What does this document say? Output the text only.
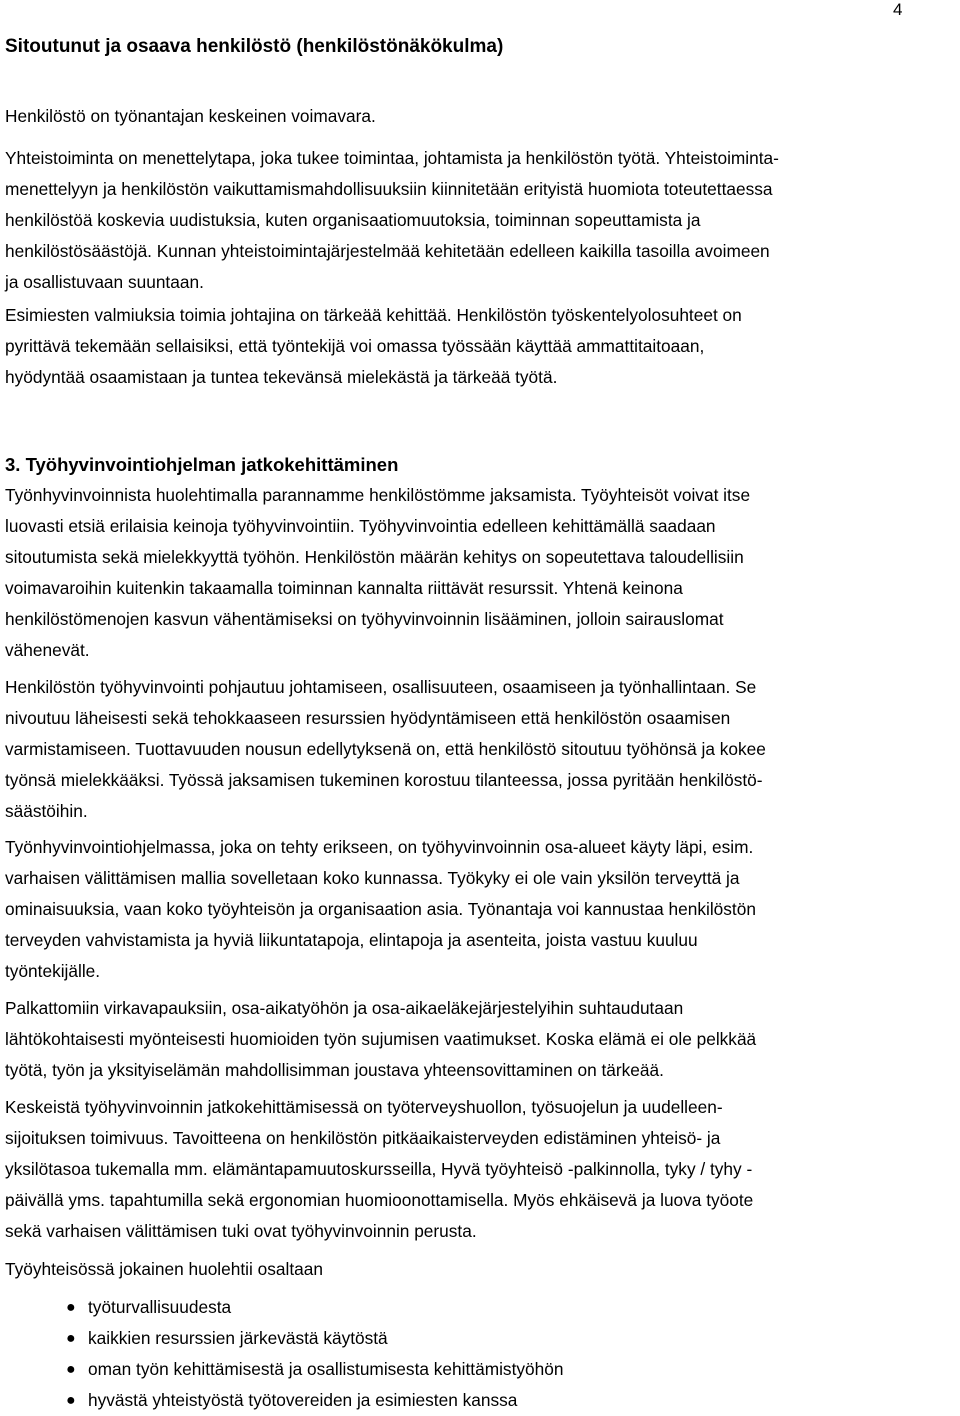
4
Sitoutunut ja osaava henkilöstö (henkilöstönäkökulma)

Henkilöstö on työnantajan keskeinen voimavara.

Yhteistoiminta on menettelytapa, joka tukee toimintaa, johtamista ja henkilöstön työtä. Yhteistoiminta-
menettelyyn ja henkilöstön vaikuttamismahdollisuuksiin kiinnitetään erityistä huomiota toteutettaessa
henkilöstöä koskevia uudistuksia, kuten organisaatiomuutoksia, toiminnan sopeuttamista ja
henkilöstösäästöjä. Kunnan yhteistoimintajärjestelmää kehitetään edelleen kaikilla tasoilla avoimeen
ja osallistuvaan suuntaan.

Esimiesten valmiuksia toimia johtajina on tärkeää kehittää. Henkilöstön työskentelyolosuhteet on
pyrittävä tekemään sellaisiksi, että työntekijä voi omassa työssään käyttää ammattitaitoaan,
hyödyntää osaamistaan ja tuntea tekevänsä mielekästä ja tärkeää työtä.

3. Työhyvinvointiohjelman jatkokehittäminen

Työnhyvinvoinnista huolehtimalla parannamme henkilöstömme jaksamista. Työyhteisöt voivat itse
luovasti etsiä erilaisia keinoja työhyvinvointiin. Työhyvinvointia edelleen kehittämällä saadaan
sitoutumista sekä mielekkyyttä työhön. Henkilöstön määrän kehitys on sopeutettava taloudellisiin
voimavaroihin kuitenkin takaamalla toiminnan kannalta riittävät resurssit. Yhtenä keinona
henkilöstömenojen kasvun vähentämiseksi on työhyvinvoinnin lisääminen, jolloin sairauslomat
vähenevät.

Henkilöstön työhyvinvointi pohjautuu johtamiseen, osallisuuteen, osaamiseen ja työnhallintaan. Se
nivoutuu läheisesti sekä tehokkaaseen resurssien hyödyntämiseen että henkilöstön osaamisen
varmistamiseen. Tuottavuuden nousun edellytyksenä on, että henkilöstö sitoutuu työhönsä ja kokee
työnsä mielekkääksi. Työssä jaksamisen tukeminen korostuu tilanteessa, jossa pyritään henkilöstö-
säästöihin.

Työnhyvinvointiohjelmassa, joka on tehty erikseen, on työhyvinvoinnin osa-alueet käyty läpi, esim.
varhaisen välittämisen mallia sovelletaan koko kunnassa. Työkyky ei ole vain yksilön terveyttä ja
ominaisuuksia, vaan koko työyhteisön ja organisaation asia. Työnantaja voi kannustaa henkilöstön
terveyden vahvistamista ja hyviä liikuntatapoja, elintapoja ja asenteita, joista vastuu kuuluu
työntekijälle.

Palkattomiin virkavapauksiin, osa-aikatyöhön ja osa-aikaeläkejärjestelyihin suhtaudutaan
lähtökohtaisesti myönteisesti huomioiden työn sujumisen vaatimukset. Koska elämä ei ole pelkkää
työtä, työn ja yksityiselämän mahdollisimman joustava yhteensovittaminen on tärkeää.

Keskeistä työhyvinvoinnin jatkokehittämisessä on työterveyshuollon, työsuojelun ja uudelleen-
sijoituksen toimivuus. Tavoitteena on henkilöstön pitkäaikaisterveyden edistäminen yhteisö- ja
yksilötasoa tukemalla mm. elämäntapamuutoskursseilla, Hyvä työyhteisö -palkinnolla, tyky / tyhy -
päivällä yms. tapahtumilla sekä ergonomian huomioonottamisella. Myös ehkäisevä ja luova työote
sekä varhaisen välittämisen tuki ovat työhyvinvoinnin perusta.

Työyhteisössä jokainen huolehtii osaltaan

● työturvallisuudesta
● kaikkien resurssien järkevästä käytöstä
● oman työn kehittämisestä ja osallistumisesta kehittämistyöhön
● hyvästä yhteistyöstä työtovereiden ja esimiesten kanssa
